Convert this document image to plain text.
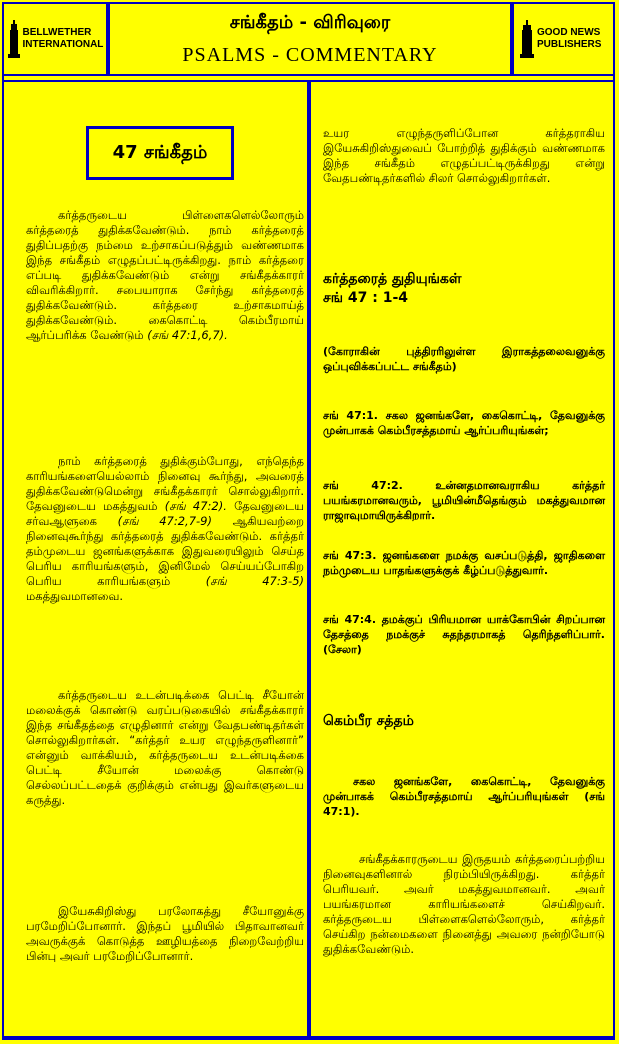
BELLWETHER INTERNATIONAL
சங்கீதம் - விரிவுரை
PSALMS - COMMENTARY
GOOD NEWS PUBLISHERS
47 சங்கீதம்

கர்த்தருடைய பிள்ளைகளெல்லோரும் கர்த்தரைத் துதிக்கவேண்டும். நாம் கர்த்தரைத் துதிப்பதற்கு நம்மை உற்சாகப்படுத்தும் வண்ணமாக இந்த சங்கீதம் எழுதப்பட்டிருக்கிறது. நாம் கர்த்தரை எப்படி துதிக்கவேண்டும் என்று சங்கீதக்காரர் விவரிக்கிறார். சபையாராக சேர்ந்து கர்த்தரைத் துதிக்கவேண்டும். கர்த்தரை உற்சாகமாய்த் துதிக்கவேண்டும். கைகொட்டி கெம்பீரமாய் ஆர்ப்பரிக்க வேண்டும் (சங் 47:1,6,7).

நாம் கர்த்தரைத் துதிக்கும்போது, எந்தெந்த காரியங்களையெல்லாம் நினைவு கூர்ந்து, அவரைத் துதிக்கவேண்டுமென்று சங்கீதக்காரர் சொல்லுகிறார். தேவனுடைய மகத்துவம் (சங் 47:2). தேவனுடைய சர்வஆளுகை (சங் 47:2,7-9) ஆகியவற்றை நினைவுகூர்ந்து கர்த்தரைத் துதிக்கவேண்டும். கர்த்தர் தம்முடைய ஜனங்களுக்காக இதுவரையிலும் செய்த பெரிய காரியங்களும், இனிமேல் செய்யப்போகிற பெரிய காரியங்களும்	(சங் 47:3-5) மகத்துவமானவை.

கர்த்தருடைய உடன்படிக்கை பெட்டி சீயோன் மலைக்குக் கொண்டு வரப்படுகையில் சங்கீதக்காரர் இந்த சங்கீதத்தை எழுதினார் என்று வேதபண்டிதர்கள் சொல்லுகிறார்கள். “கர்த்தர் உயர எழுந்தருளினார்” என்னும் வாக்கியம், கர்த்தருடைய உடன்படிக்கை பெட்டி சீயோன் மலைக்கு கொண்டு செல்லப்பட்டதைக் குறிக்கும் என்பது இவர்களுடைய கருத்து.

இயேசுகிறிஸ்து பரலோகத்து சீயோனுக்கு பரமேறிப்போனார். இந்தப் பூமியில் பிதாவானவர் அவருக்குக் கொடுத்த ஊழியத்தை நிறைவேற்றிய பின்பு அவர் பரமேறிப்போனார்.

உயர எழுந்தருளிப்போன கர்த்தராகிய இயேசுகிறிஸ்துவைப் போற்றித் துதிக்கும் வண்ணமாக இந்த சங்கீதம் எழுதப்பட்டிருக்கிறது என்று வேதபண்டிதர்களில் சிலர் சொல்லுகிறார்கள்.

கர்த்தரைத் துதியுங்கள்

சங் 47 : 1-4

(கோராகின் புத்திரரிலுள்ள இராகத்தலைவனுக்கு ஒப்புவிக்கப்பட்ட சங்கீதம்)

சங் 47:1. சகல ஜனங்களே, கைகொட்டி, தேவனுக்கு முன்பாகக் கெம்பீரசத்தமாய் ஆர்ப்பரியுங்கள்;

சங் 47:2. உன்னதமானவராகிய கர்த்தர் பயங்கரமானவரும், பூமியின்மீதெங்கும் மகத்துவமான ராஜாவுமாயிருக்கிறார்.

சங் 47:3. ஜனங்களை நமக்கு வசப்படுத்தி, ஜாதிகளை நம்முடைய பாதங்களுக்குக் கீழ்ப்படுத்துவார்.

சங் 47:4. தமக்குப் பிரியமான யாக்கோபின் சிறப்பான தேசத்தை நமக்குச் சுதந்தரமாகத் தெரிந்தளிப்பார். (சேலா)

கெம்பீர சத்தம்

சகல ஜனங்களே, கைகொட்டி, தேவனுக்கு முன்பாகக் கெம்பீரசத்தமாய் ஆர்ப்பரியுங்கள் (சங் 47:1).

சங்கீதக்காரருடைய இருதயம் கர்த்தரைப்பற்றிய நினைவுகளினால் நிரம்பியிருக்கிறது. கர்த்தர் பெரியவர். அவர் மகத்துவமானவர். அவர் பயங்கரமான காரியங்களைச் செய்கிறவர். கர்த்தருடைய பிள்ளைகளெல்லோரும், கர்த்தர் செய்கிற நன்மைகளை நினைத்து அவரை நன்றியோடு துதிக்கவேண்டும்.
